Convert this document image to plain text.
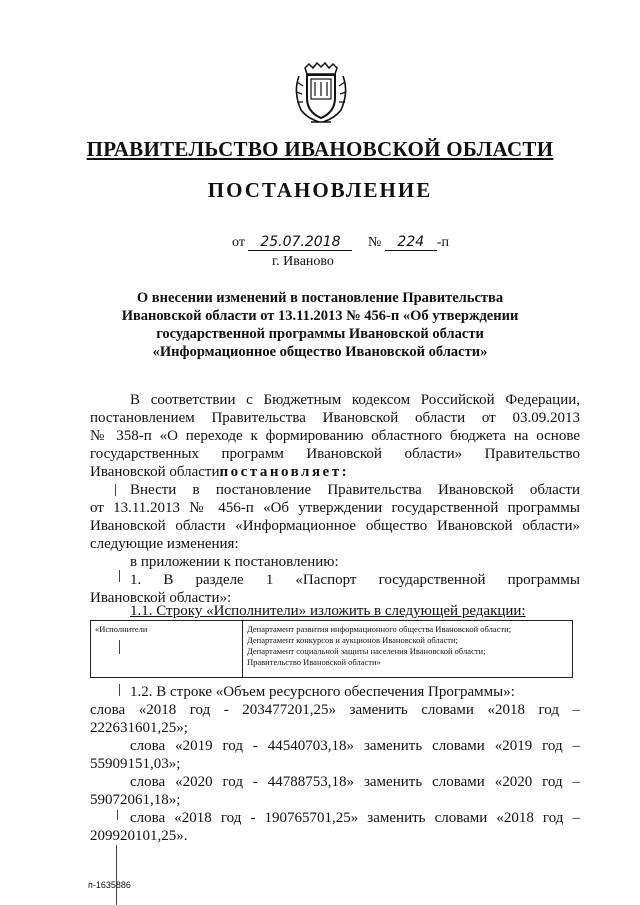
ПРАВИТЕЛЬСТВО ИВАНОВСКОЙ ОБЛАСТИ
ПОСТАНОВЛЕНИЕ
от 25.07.2018 № 224 -п
г. Иваново
О внесении изменений в постановление Правительства
Ивановской области от 13.11.2013 № 456-п «Об утверждении
государственной программы Ивановской области
«Информационное общество Ивановской области»
В соответствии с Бюджетным кодексом Российской Федерации,
постановлением Правительства Ивановской области от 03.09.2013
№ 358-п «О переходе к формированию областного бюджета на основе
государственных программ Ивановской области» Правительство
Ивановской областипостановляет:
Внести в постановление Правительства Ивановской области
от 13.11.2013 № 456-п «Об утверждении государственной программы
Ивановской области «Информационное общество Ивановской области»
следующие изменения:
в приложении к постановлению:
1. В разделе 1 «Паспорт государственной программы
Ивановской области»:
1.1. Строку «Исполнители» изложить в следующей редакции:
«Исполнители	Департамент развития информационного общества Ивановской области;
Департамент конкурсов и аукционов Ивановской области;
Департамент социальной защиты населения Ивановской области;
Правительство Ивановской области»
1.2. В строке «Объем ресурсного обеспечения Программы»:
слова «2018 год - 203477201,25» заменить словами «2018 год –
222631601,25»;
слова «2019 год - 44540703,18» заменить словами «2019 год –
55909151,03»;
слова «2020 год - 44788753,18» заменить словами «2020 год –
59072061,18»;
слова «2018 год - 190765701,25» заменить словами «2018 год –
209920101,25».
п-1635886
